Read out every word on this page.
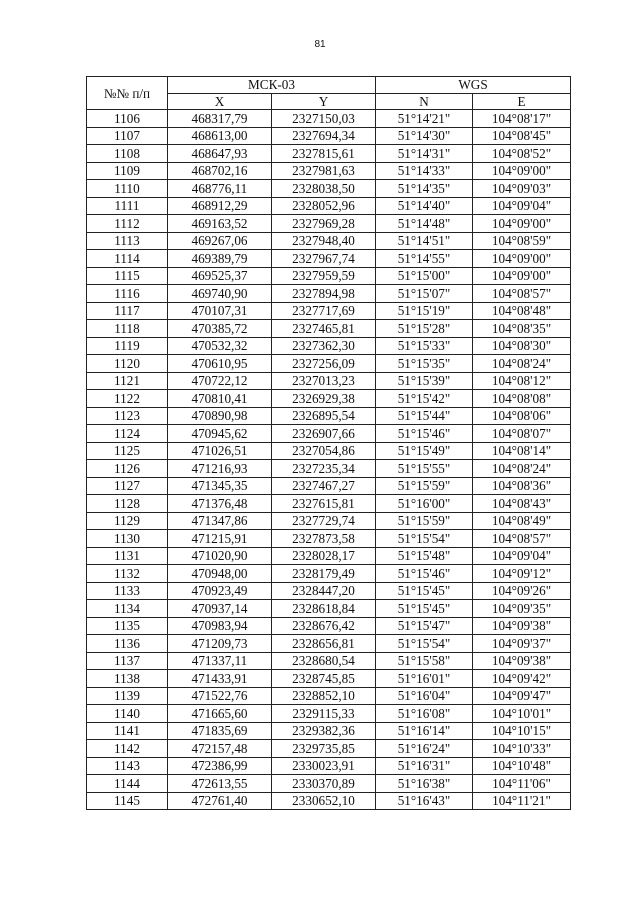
81
№№ п/п	МСК-03		WGS	
	X	Y	N	E
1106	468317,79	2327150,03	51°14'21"	104°08'17"
1107	468613,00	2327694,34	51°14'30"	104°08'45"
1108	468647,93	2327815,61	51°14'31"	104°08'52"
1109	468702,16	2327981,63	51°14'33"	104°09'00"
1110	468776,11	2328038,50	51°14'35"	104°09'03"
1111	468912,29	2328052,96	51°14'40"	104°09'04"
1112	469163,52	2327969,28	51°14'48"	104°09'00"
1113	469267,06	2327948,40	51°14'51"	104°08'59"
1114	469389,79	2327967,74	51°14'55"	104°09'00"
1115	469525,37	2327959,59	51°15'00"	104°09'00"
1116	469740,90	2327894,98	51°15'07"	104°08'57"
1117	470107,31	2327717,69	51°15'19"	104°08'48"
1118	470385,72	2327465,81	51°15'28"	104°08'35"
1119	470532,32	2327362,30	51°15'33"	104°08'30"
1120	470610,95	2327256,09	51°15'35"	104°08'24"
1121	470722,12	2327013,23	51°15'39"	104°08'12"
1122	470810,41	2326929,38	51°15'42"	104°08'08"
1123	470890,98	2326895,54	51°15'44"	104°08'06"
1124	470945,62	2326907,66	51°15'46"	104°08'07"
1125	471026,51	2327054,86	51°15'49"	104°08'14"
1126	471216,93	2327235,34	51°15'55"	104°08'24"
1127	471345,35	2327467,27	51°15'59"	104°08'36"
1128	471376,48	2327615,81	51°16'00"	104°08'43"
1129	471347,86	2327729,74	51°15'59"	104°08'49"
1130	471215,91	2327873,58	51°15'54"	104°08'57"
1131	471020,90	2328028,17	51°15'48"	104°09'04"
1132	470948,00	2328179,49	51°15'46"	104°09'12"
1133	470923,49	2328447,20	51°15'45"	104°09'26"
1134	470937,14	2328618,84	51°15'45"	104°09'35"
1135	470983,94	2328676,42	51°15'47"	104°09'38"
1136	471209,73	2328656,81	51°15'54"	104°09'37"
1137	471337,11	2328680,54	51°15'58"	104°09'38"
1138	471433,91	2328745,85	51°16'01"	104°09'42"
1139	471522,76	2328852,10	51°16'04"	104°09'47"
1140	471665,60	2329115,33	51°16'08"	104°10'01"
1141	471835,69	2329382,36	51°16'14"	104°10'15"
1142	472157,48	2329735,85	51°16'24"	104°10'33"
1143	472386,99	2330023,91	51°16'31"	104°10'48"
1144	472613,55	2330370,89	51°16'38"	104°11'06"
1145	472761,40	2330652,10	51°16'43"	104°11'21"
